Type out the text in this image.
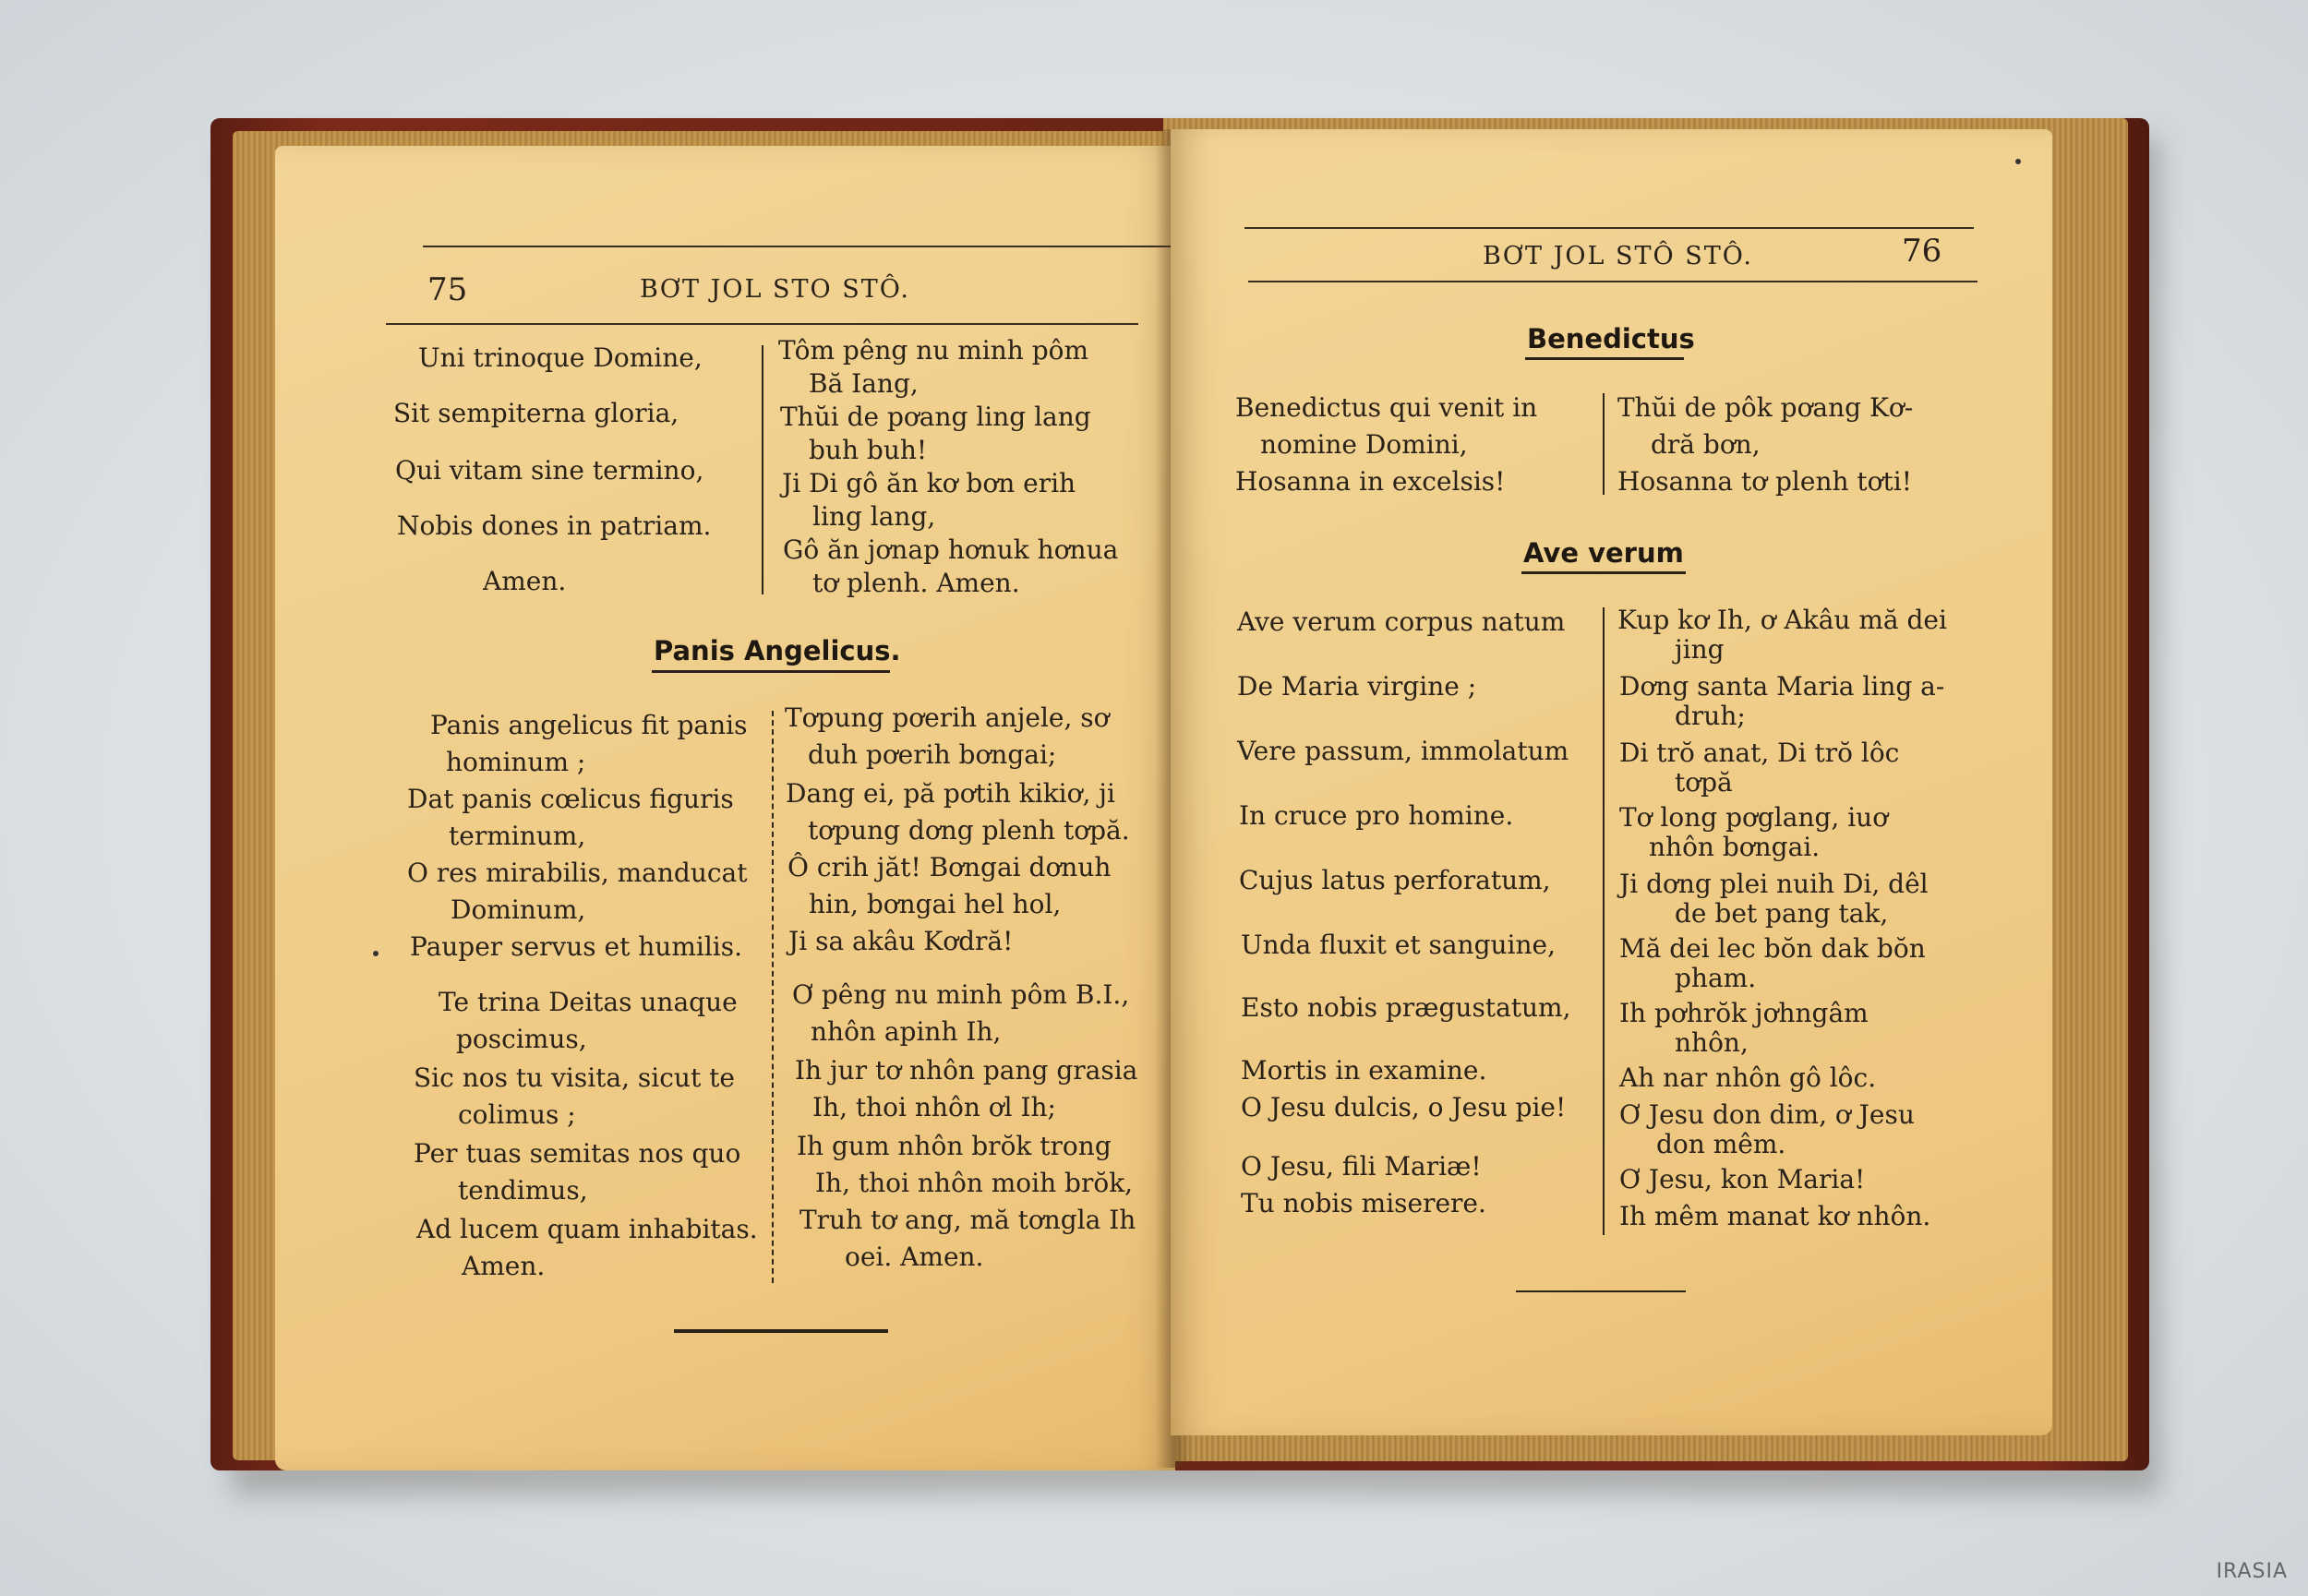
75	BƠT JOL STO STÔ.
Uni trinoque Domine,
Sit sempiterna gloria,
Qui vitam sine termino,
Nobis dones in patriam.
Amen.
Tôm pêng nu minh pôm
Bă Iang,
Thŭi de pơang ling lang
buh buh!
Ji Di gô ăn kơ bơn erih
ling lang,
Gô ăn jơnap hơnuk hơnua
tơ plenh. Amen.
Panis Angelicus.
Panis angelicus fit panis
hominum ;
Dat panis cœlicus figuris
terminum,
O res mirabilis, manducat
Dominum,
Pauper servus et humilis.
Te trina Deitas unaque
poscimus,
Sic nos tu visita, sicut te
colimus ;
Per tuas semitas nos quo
tendimus,
Ad lucem quam inhabitas.
Amen.
Tơpung pơerih anjele, sơ
duh pơerih bơngai;
Dang ei, pă pơtih kikiơ, ji
tơpung dơng plenh tơpă.
Ô crih jăt! Bơngai dơnuh
hin, bơngai hel hol,
Ji sa akâu Kơdră!
Ơ pêng nu minh pôm B.I.,
nhôn apinh Ih,
Ih jur tơ nhôn pang grasia
Ih, thoi nhôn ơl Ih;
Ih gum nhôn brŏk trong
Ih, thoi nhôn moih brŏk,
Truh tơ ang, mă tơngla Ih
oei. Amen.
BƠT JOL STÔ STÔ.	76
Benedictus
Benedictus qui venit in
nomine Domini,
Hosanna in excelsis!
Thŭi de pôk pơang Kơ-
dră bơn,
Hosanna tơ plenh tơti!
Ave verum
Ave verum corpus natum
De Maria virgine ;
Vere passum, immolatum
In cruce pro homine.
Cujus latus perforatum,
Unda fluxit et sanguine,
Esto nobis prægustatum,
Mortis in examine.
O Jesu dulcis, o Jesu pie!
O Jesu, fili Mariæ!
Tu nobis miserere.
Kup kơ Ih, ơ Akâu mă dei
jing
Dơng santa Maria ling a-
druh;
Di trŏ anat, Di trŏ lôc
tơpă
Tơ long pơglang, iuơ
nhôn bơngai.
Ji dơng plei nuih Di, dêl
de bet pang tak,
Mă dei lec bŏn dak bŏn
pham.
Ih pơhrŏk jơhngâm
nhôn,
Ah nar nhôn gô lôc.
Ơ Jesu don dim, ơ Jesu
don mêm.
Ơ Jesu, kon Maria!
Ih mêm manat kơ nhôn.
IRASIA
